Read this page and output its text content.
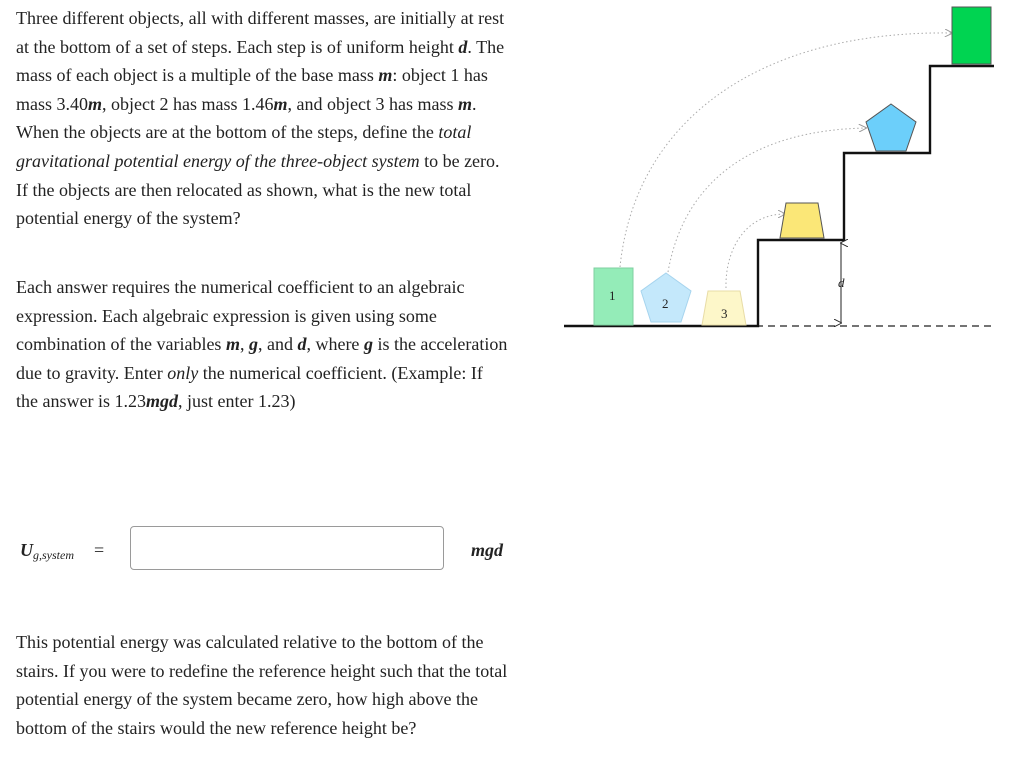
Three different objects, all with different masses, are initially at rest at the bottom of a set of steps. Each step is of uniform height d. The mass of each object is a multiple of the base mass m: object 1 has mass 3.40m, object 2 has mass 1.46m, and object 3 has mass m. When the objects are at the bottom of the steps, define the total gravitational potential energy of the three-object system to be zero. If the objects are then relocated as shown, what is the new total potential energy of the system?

Each answer requires the numerical coefficient to an algebraic expression. Each algebraic expression is given using some combination of the variables m, g, and d, where g is the acceleration due to gravity. Enter only the numerical coefficient. (Example: If the answer is 1.23mgd, just enter 1.23)

$U_{g,system}$ =	mgd

This potential energy was calculated relative to the bottom of the stairs. If you were to redefine the reference height such that the total potential energy of the system became zero, how high above the bottom of the stairs would the new reference height be?

d
1
2
3
